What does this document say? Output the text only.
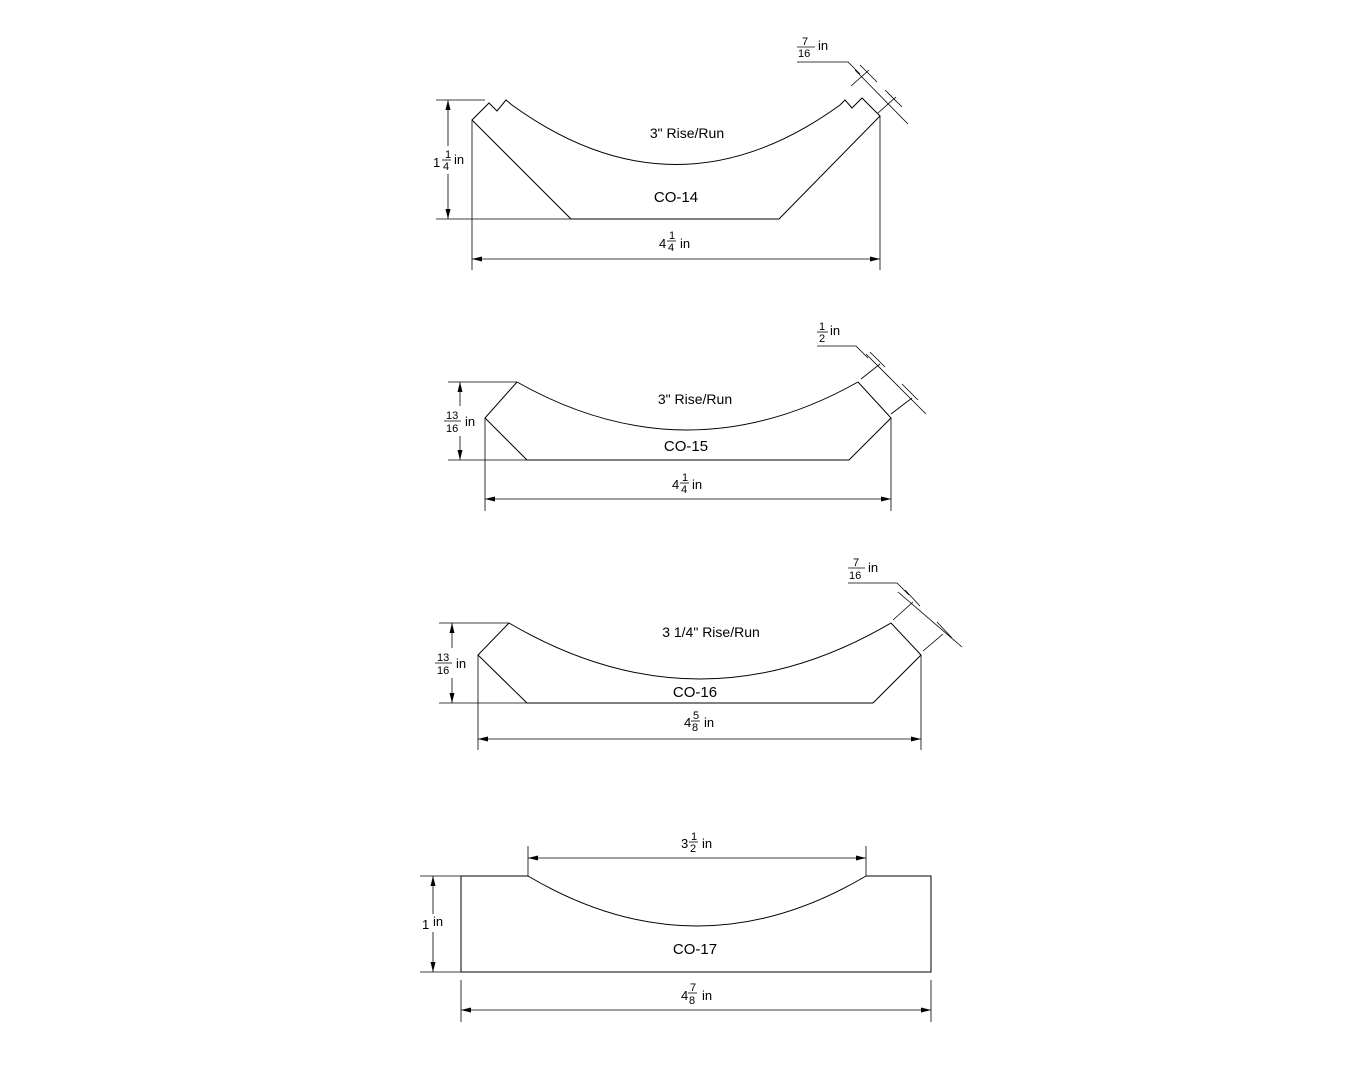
1 1
4 in
4 1
4 in
7
16
in
3" Rise/Run
CO-14
13
16 in
4 1
4 in
1
2
in
3" Rise/Run
CO-15
13
16 in
4 5
8 in
7
16
in
3 1/4" Rise/Run
CO-16
1 in
4 7
8 in
3 1
2 in
CO-17
